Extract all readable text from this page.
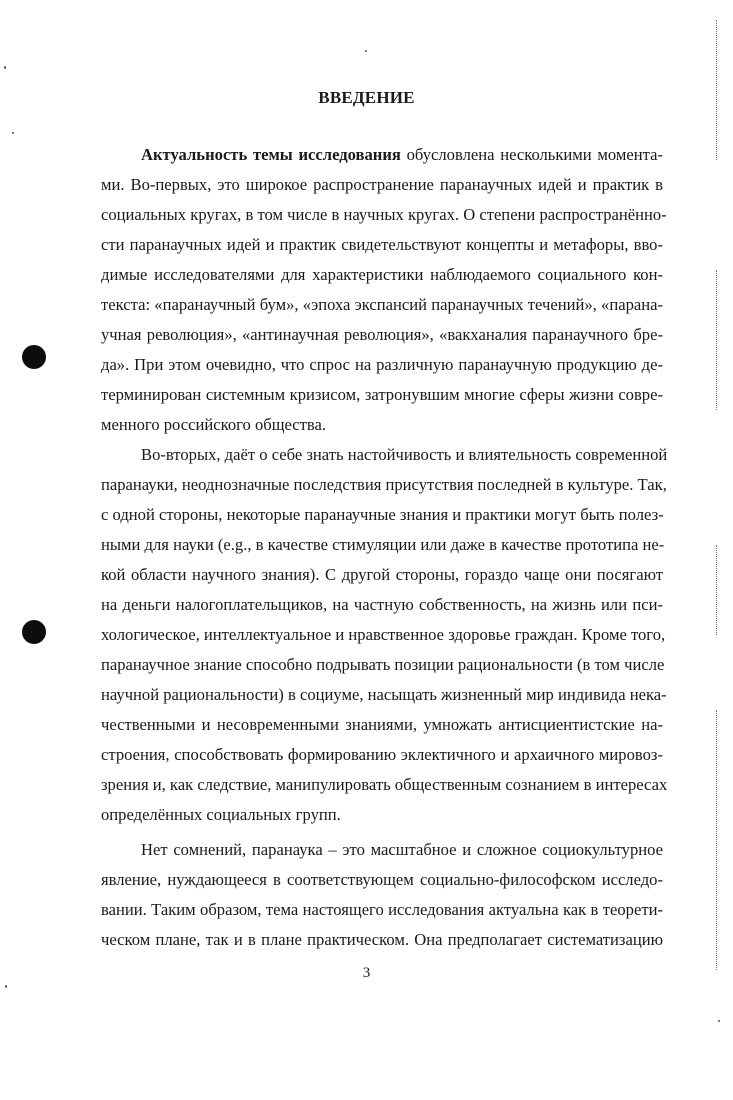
ВВЕДЕНИЕ
Актуальность темы исследования обусловлена несколькими момента-
ми. Во-первых, это широкое распространение паранаучных идей и практик в
социальных кругах, в том числе в научных кругах. О степени распространённо-
сти паранаучных идей и практик свидетельствуют концепты и метафоры, вво-
димые исследователями для характеристики наблюдаемого социального кон-
текста: «паранаучный бум», «эпоха экспансий паранаучных течений», «парана-
учная революция», «антинаучная революция», «вакханалия паранаучного бре-
да». При этом очевидно, что спрос на различную паранаучную продукцию де-
терминирован системным кризисом, затронувшим многие сферы жизни совре-
менного российского общества.
Во-вторых, даёт о себе знать настойчивость и влиятельность современной
паранауки, неоднозначные последствия присутствия последней в культуре. Так,
с одной стороны, некоторые паранаучные знания и практики могут быть полез-
ными для науки (e.g., в качестве стимуляции или даже в качестве прототипа не-
кой области научного знания). С другой стороны, гораздо чаще они посягают
на деньги налогоплательщиков, на частную собственность, на жизнь или пси-
хологическое, интеллектуальное и нравственное здоровье граждан. Кроме того,
паранаучное знание способно подрывать позиции рациональности (в том числе
научной рациональности) в социуме, насыщать жизненный мир индивида нека-
чественными и несовременными знаниями, умножать антисциентистские на-
строения, способствовать формированию эклектичного и архаичного мировоз-
зрения и, как следствие, манипулировать общественным сознанием в интересах
определённых социальных групп.
Нет сомнений, паранаука – это масштабное и сложное социокультурное
явление, нуждающееся в соответствующем социально-философском исследо-
вании. Таким образом, тема настоящего исследования актуальна как в теорети-
ческом плане, так и в плане практическом. Она предполагает систематизацию
3
